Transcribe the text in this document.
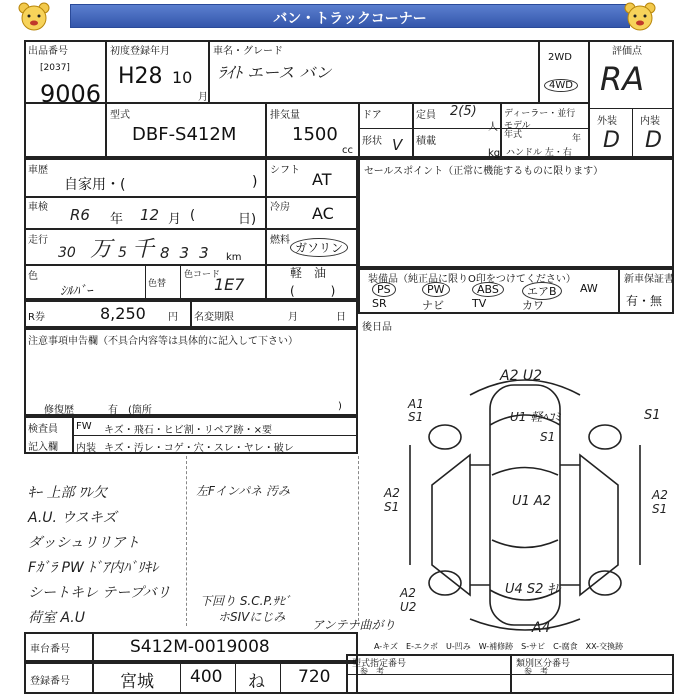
バン・トラックコーナー
出品番号
[2037]
9006
初度登録年月
H28 10
月
車名・グレード
ﾗｲﾄ エース バン
2WD
4WD
評価点
RA
外装 内装
D D
型式
DBF-S412M
排気量
1500
cc
ドア
形状 V
定員 2(5)
人
積載
kg
ディーラー・並行
モデル年式	年
ハンドル 左・右
車歴
自家用・(	)
シフト AT
車検 R6 年 12 月 (	日)
冷房 AC
走行
30 万 5 千 833 km
燃料
ガソリン
軽　油
色
ｼﾙﾊﾞｰ	色替
色コード
1E7	(　　　)
R券	8,250 円 名変期限	月	日
セールスポイント（正常に機能するものに限ります）
装備品（純正品に限りO印をつけてください）	新車保証書
有・無
PS	PW	ABS	エアB	AW
SR	ナビ	TV	カワ
後日品
注意事項申告欄（不具合内容等は具体的に記入して下さい）
修復歴	有　(箇所	)
検査員
記入欄
FW キズ・飛石・ヒビ割・リペア跡・×要
内装 キズ・汚レ・コゲ・穴・スレ・ヤレ・破レ
ｷｰ 上部 ﾜﾚ欠
A.U. ウスキズ
ダッシュリリアト
Fｶﾞﾗ PW ﾄﾞｱ内ﾊﾞﾘｷﾚ
シートキレ テープバリ
荷室 A.U
左Fインパネ 汚み
下回り S.C.P.ｻﾋﾞ
ホSIVにじみ
アンテナ曲がり
A2 U2
U1 軽ﾍｺﾐ
S1
A1 S1	S1
A2 S1
A2 S1
U1 A2
A2 U2
U4 S2 ｷﾚ
A4
A-キズ　E-エクボ　U-凹み　W-補修跡　S-サビ　C-腐食　XX-交換跡
車台番号	S412M-0019008
登録番号	宮城 400 ね 720
型式指定番号
参　考
類別区分番号
参　考
